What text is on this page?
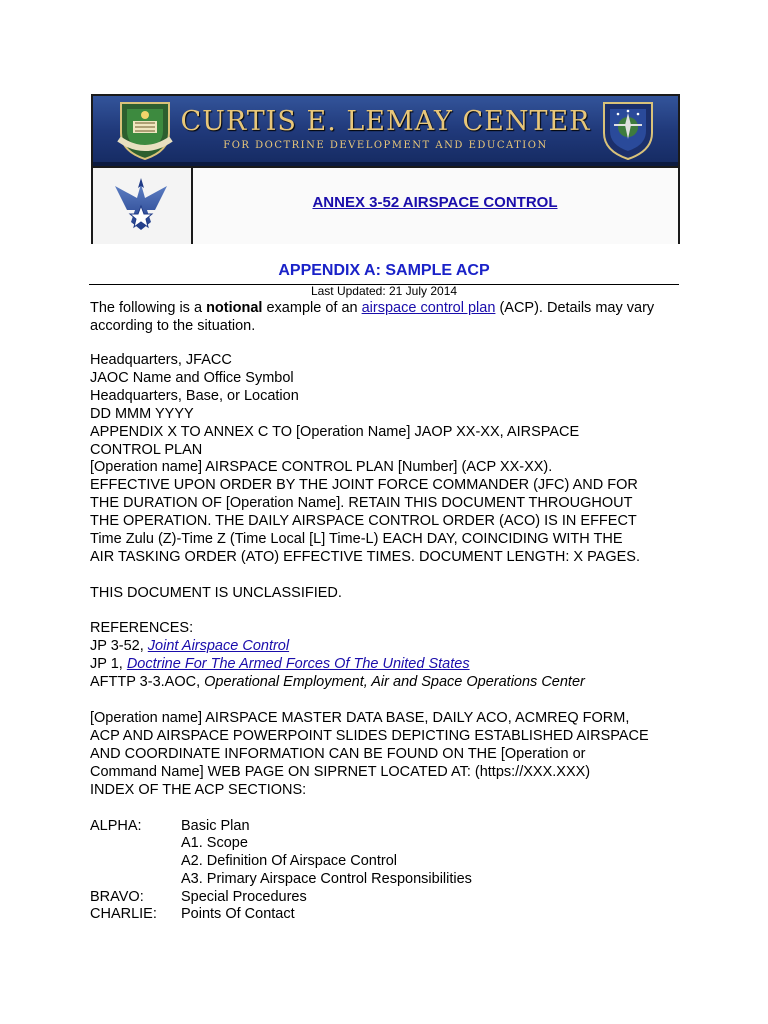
CURTIS E. LEMAY CENTER
FOR DOCTRINE DEVELOPMENT AND EDUCATION
ANNEX 3-52 AIRSPACE CONTROL
APPENDIX A: SAMPLE ACP
Last Updated: 21 July 2014
The following is a notional example of an airspace control plan (ACP). Details may vary
according to the situation.
Headquarters, JFACC
JAOC Name and Office Symbol
Headquarters, Base, or Location
DD MMM YYYY
APPENDIX X TO ANNEX C TO [Operation Name] JAOP XX-XX, AIRSPACE
CONTROL PLAN
[Operation name] AIRSPACE CONTROL PLAN [Number] (ACP XX-XX).
EFFECTIVE UPON ORDER BY THE JOINT FORCE COMMANDER (JFC) AND FOR
THE DURATION OF [Operation Name]. RETAIN THIS DOCUMENT THROUGHOUT
THE OPERATION. THE DAILY AIRSPACE CONTROL ORDER (ACO) IS IN EFFECT
Time Zulu (Z)-Time Z (Time Local [L] Time-L) EACH DAY, COINCIDING WITH THE
AIR TASKING ORDER (ATO) EFFECTIVE TIMES. DOCUMENT LENGTH: X PAGES.
THIS DOCUMENT IS UNCLASSIFIED.
REFERENCES:
JP 3-52, Joint Airspace Control
JP 1, Doctrine For The Armed Forces Of The United States
AFTTP 3-3.AOC, Operational Employment, Air and Space Operations Center
[Operation name] AIRSPACE MASTER DATA BASE, DAILY ACO, ACMREQ FORM,
ACP AND AIRSPACE POWERPOINT SLIDES DEPICTING ESTABLISHED AIRSPACE
AND COORDINATE INFORMATION CAN BE FOUND ON THE [Operation or
Command Name] WEB PAGE ON SIPRNET LOCATED AT: (https://XXX.XXX)
INDEX OF THE ACP SECTIONS:
ALPHA:	Basic Plan
A1. Scope
A2. Definition Of Airspace Control
A3. Primary Airspace Control Responsibilities
BRAVO:	Special Procedures
CHARLIE: Points Of Contact
